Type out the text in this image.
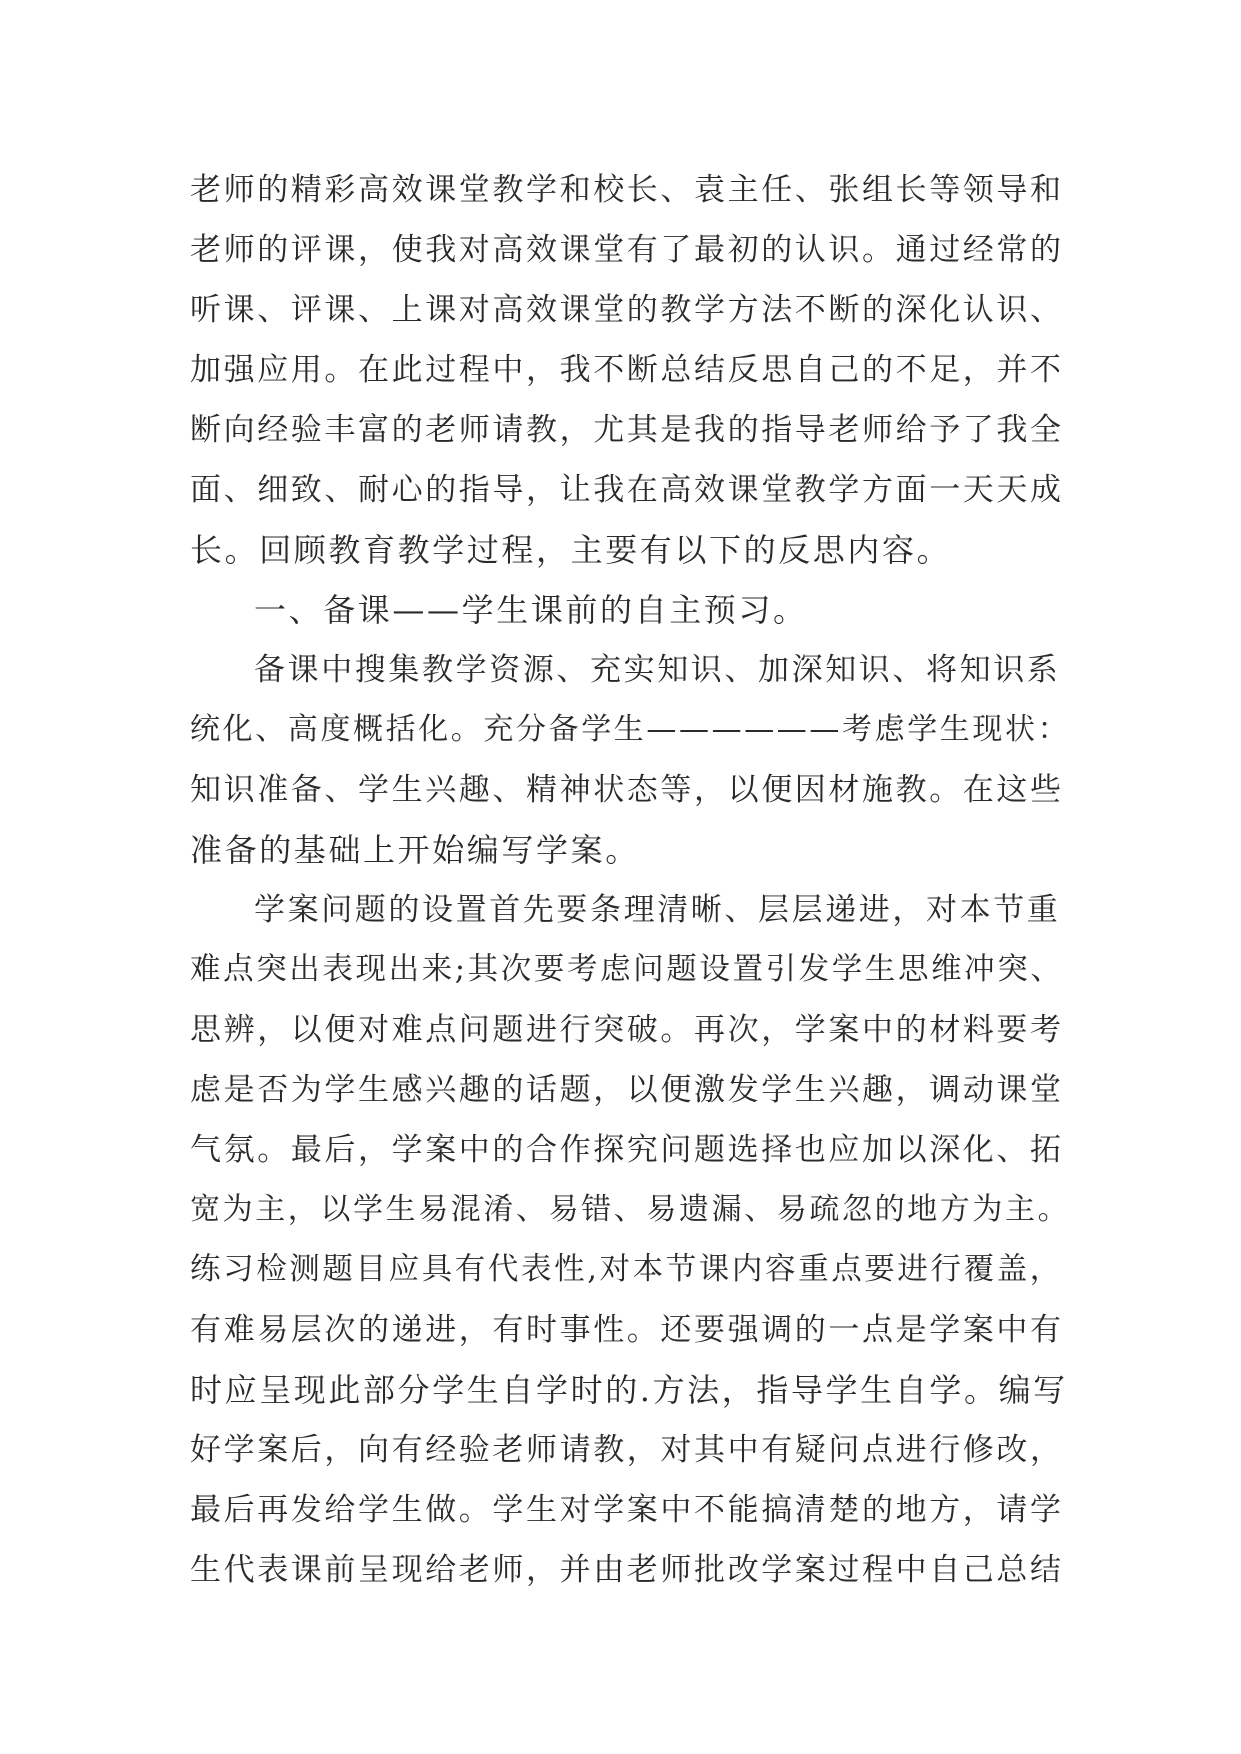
老师的精彩高效课堂教学和校长、袁主任、张组长等领导和
老师的评课，使我对高效课堂有了最初的认识。通过经常的
听课、评课、上课对高效课堂的教学方法不断的深化认识、
加强应用。在此过程中，我不断总结反思自己的不足，并不
断向经验丰富的老师请教，尤其是我的指导老师给予了我全
面、细致、耐心的指导，让我在高效课堂教学方面一天天成
长。回顾教育教学过程，主要有以下的反思内容。
一、备课——学生课前的自主预习。
备课中搜集教学资源、充实知识、加深知识、将知识系
统化、高度概括化。充分备学生——————考虑学生现状：
知识准备、学生兴趣、精神状态等，以便因材施教。在这些
准备的基础上开始编写学案。
学案问题的设置首先要条理清晰、层层递进，对本节重
难点突出表现出来;其次要考虑问题设置引发学生思维冲突、
思辨，以便对难点问题进行突破。再次，学案中的材料要考
虑是否为学生感兴趣的话题，以便激发学生兴趣，调动课堂
气氛。最后，学案中的合作探究问题选择也应加以深化、拓
宽为主，以学生易混淆、易错、易遗漏、易疏忽的地方为主。
练习检测题目应具有代表性,对本节课内容重点要进行覆盖，
有难易层次的递进，有时事性。还要强调的一点是学案中有
时应呈现此部分学生自学时的.方法，指导学生自学。编写
好学案后，向有经验老师请教，对其中有疑问点进行修改，
最后再发给学生做。学生对学案中不能搞清楚的地方，请学
生代表课前呈现给老师，并由老师批改学案过程中自己总结
